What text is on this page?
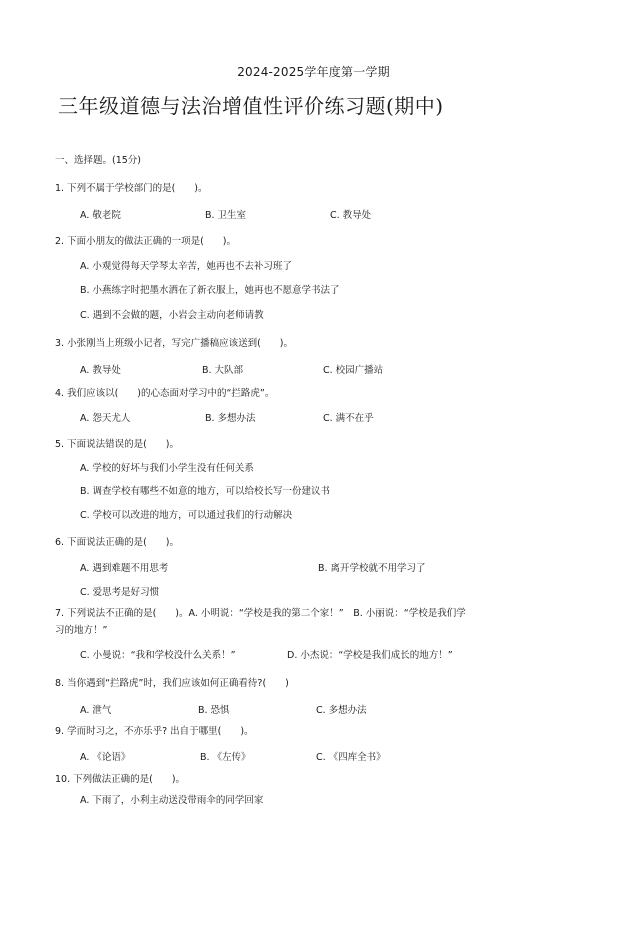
2024-2025学年度第一学期
三年级道德与法治增值性评价练习题(期中)
一、选择题。(15分)
1. 下列不属于学校部门的是(　　)。
A. 敬老院	B. 卫生室	C. 教导处
2. 下面小朋友的做法正确的一项是(　　)。
A. 小观觉得每天学琴太辛苦，她再也不去补习班了
B. 小燕练字时把墨水洒在了新衣服上，她再也不愿意学书法了
C. 遇到不会做的题，小岩会主动向老师请教
3. 小张刚当上班级小记者，写完广播稿应该送到(　　)。
A. 教导处	B. 大队部	C. 校园广播站
4. 我们应该以(　　)的心态面对学习中的“拦路虎”。
A. 怨天尤人	B. 多想办法	C. 满不在乎
5. 下面说法错误的是(　　)。
A. 学校的好坏与我们小学生没有任何关系
B. 调查学校有哪些不如意的地方，可以给校长写一份建议书
C. 学校可以改进的地方，可以通过我们的行动解决
6. 下面说法正确的是(　　)。
A. 遇到难题不用思考	B. 离开学校就不用学习了
C. 爱思考是好习惯
7. 下列说法不正确的是(　　)。A. 小明说：“学校是我的第二个家！”　B. 小丽说：“学校是我们学
习的地方！”
C. 小曼说：“我和学校没什么关系！”	D. 小杰说：“学校是我们成长的地方！”
8. 当你遇到“拦路虎”时，我们应该如何正确看待?(　　)
A. 泄气	B. 恐惧	C. 多想办法
9. 学而时习之，不亦乐乎? 出自于哪里(　　)。
A. 《论语》	B. 《左传》	C. 《四库全书》
10. 下列做法正确的是(　　)。
A. 下雨了，小利主动送没带雨伞的同学回家
